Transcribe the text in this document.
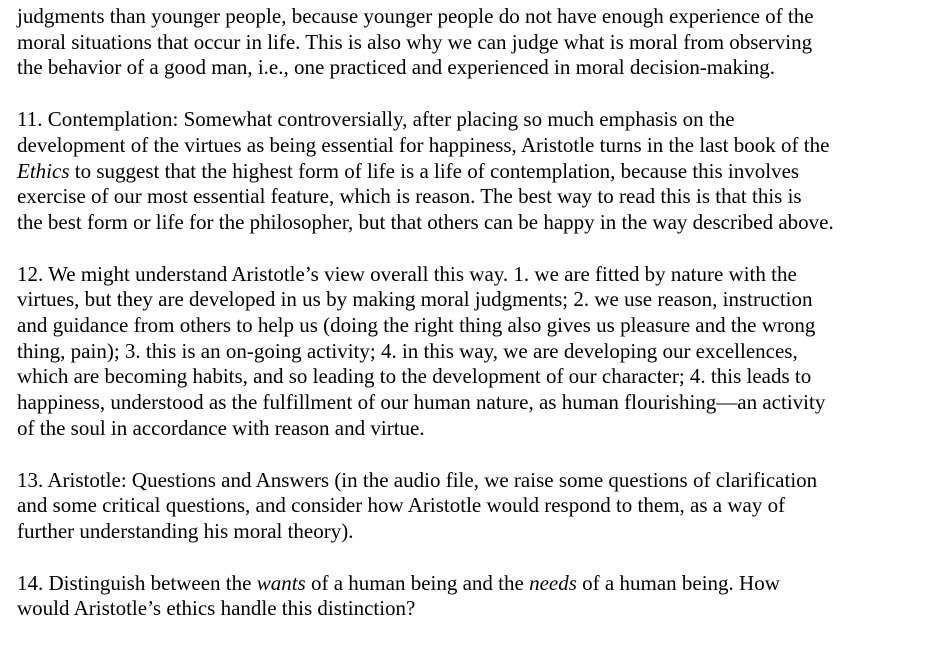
judgments than younger people, because younger people do not have enough experience of the
moral situations that occur in life. This is also why we can judge what is moral from observing
the behavior of a good man, i.e., one practiced and experienced in moral decision-making.

11. Contemplation: Somewhat controversially, after placing so much emphasis on the
development of the virtues as being essential for happiness, Aristotle turns in the last book of the
Ethics to suggest that the highest form of life is a life of contemplation, because this involves
exercise of our most essential feature, which is reason. The best way to read this is that this is
the best form or life for the philosopher, but that others can be happy in the way described above.

12. We might understand Aristotle’s view overall this way. 1. we are fitted by nature with the
virtues, but they are developed in us by making moral judgments; 2. we use reason, instruction
and guidance from others to help us (doing the right thing also gives us pleasure and the wrong
thing, pain); 3. this is an on-going activity; 4. in this way, we are developing our excellences,
which are becoming habits, and so leading to the development of our character; 4. this leads to
happiness, understood as the fulfillment of our human nature, as human flourishing—an activity
of the soul in accordance with reason and virtue.

13. Aristotle: Questions and Answers (in the audio file, we raise some questions of clarification
and some critical questions, and consider how Aristotle would respond to them, as a way of
further understanding his moral theory).

14. Distinguish between the wants of a human being and the needs of a human being. How
would Aristotle’s ethics handle this distinction?
